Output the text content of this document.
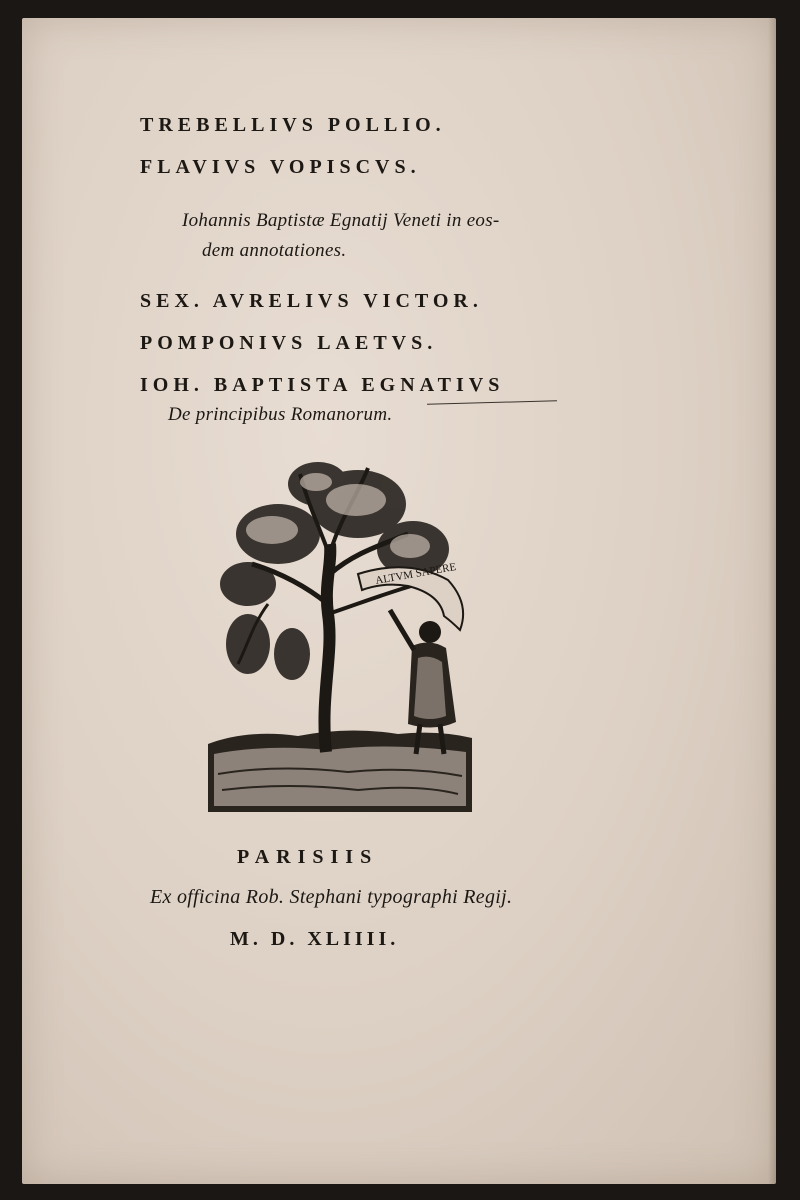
TREBELLIVS POLLIO.
FLAVIVS VOPISCVS.
Iohannis Baptistæ Egnatij Veneti in eos-
dem annotationes.
SEX. AVRELIVS VICTOR.
POMPONIVS LAETVS.
IOH. BAPTISTA EGNATIVS
De principibus Romanorum.
ALTVM SAPERE
PARISIIS
Ex officina Rob. Stephani typographi Regij.
M. D. XLIIII.
